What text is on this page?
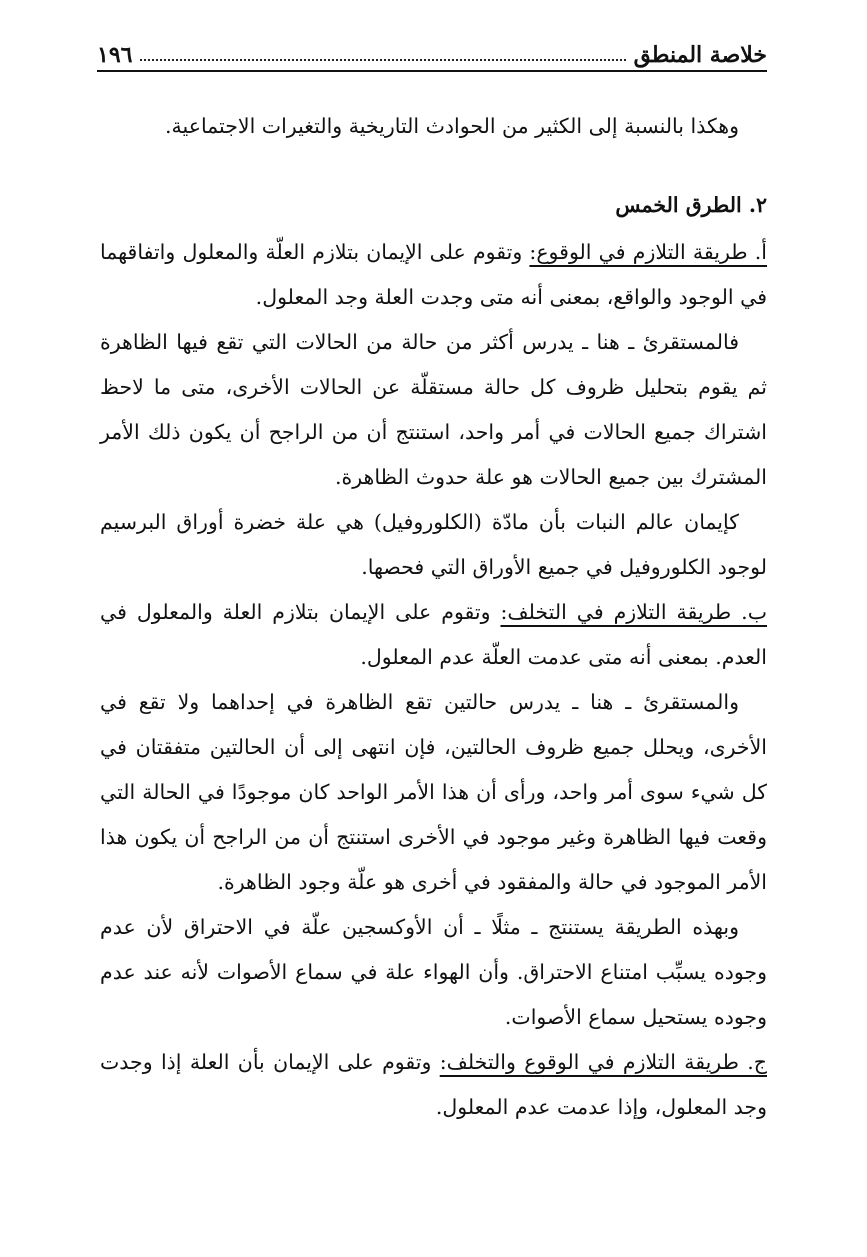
خلاصة المنطق
١٩٦

وهكذا بالنسبة إلى الكثير من الحوادث التاريخية والتغيرات الاجتماعية.

٢. الطرق الخمس

أ. طريقة التلازم في الوقوع: وتقوم على الإيمان بتلازم العلّة والمعلول واتفاقهما في الوجود والواقع، بمعنى أنه متى وجدت العلة وجد المعلول.

فالمستقرئ ـ هنا ـ يدرس أكثر من حالة من الحالات التي تقع فيها الظاهرة ثم يقوم بتحليل ظروف كل حالة مستقلّة عن الحالات الأخرى، متى ما لاحظ اشتراك جميع الحالات في أمر واحد، استنتج أن من الراجح أن يكون ذلك الأمر المشترك بين جميع الحالات هو علة حدوث الظاهرة.

كإيمان عالم النبات بأن مادّة (الكلوروفيل) هي علة خضرة أوراق البرسيم لوجود الكلوروفيل في جميع الأوراق التي فحصها.

ب. طريقة التلازم في التخلف: وتقوم على الإيمان بتلازم العلة والمعلول في العدم. بمعنى أنه متى عدمت العلّة عدم المعلول.

والمستقرئ ـ هنا ـ يدرس حالتين تقع الظاهرة في إحداهما ولا تقع في الأخرى، ويحلل جميع ظروف الحالتين، فإن انتهى إلى أن الحالتين متفقتان في كل شيء سوى أمر واحد، ورأى أن هذا الأمر الواحد كان موجودًا في الحالة التي وقعت فيها الظاهرة وغير موجود في الأخرى استنتج أن من الراجح أن يكون هذا الأمر الموجود في حالة والمفقود في أخرى هو علّة وجود الظاهرة.

وبهذه الطريقة يستنتج ـ مثلًا ـ أن الأوكسجين علّة في الاحتراق لأن عدم وجوده يسبِّب امتناع الاحتراق. وأن الهواء علة في سماع الأصوات لأنه عند عدم وجوده يستحيل سماع الأصوات.

ج. طريقة التلازم في الوقوع والتخلف: وتقوم على الإيمان بأن العلة إذا وجدت وجد المعلول، وإذا عدمت عدم المعلول.
